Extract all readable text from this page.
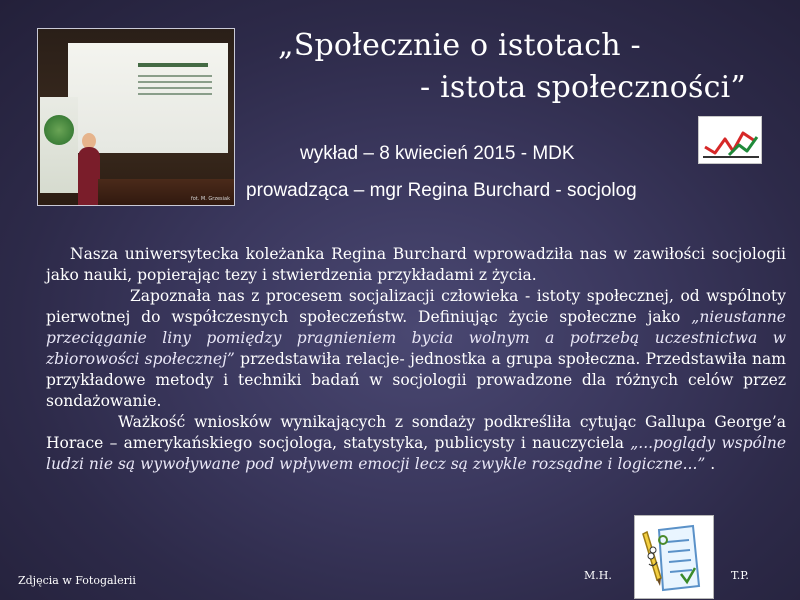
fot. M. Grzesiak
„Społecznie o istotach -
- istota społeczności”
wykład – 8 kwiecień 2015 - MDK
prowadząca – mgr Regina Burchard - socjolog

Nasza uniwersytecka koleżanka Regina Burchard wprowadziła nas w zawiłości socjologii jako nauki, popierając tezy i stwierdzenia przykładami z życia.

Zapoznała nas z procesem socjalizacji człowieka - istoty społecznej, od wspólnoty pierwotnej do współczesnych społeczeństw. Definiując życie społeczne jako „nieustanne przeciąganie liny pomiędzy pragnieniem bycia wolnym a potrzebą uczestnictwa w zbiorowości społecznej” przedstawiła relacje- jednostka a grupa społeczna. Przedstawiła nam przykładowe metody i techniki badań w socjologii prowadzone dla różnych celów przez sondażowanie.

Ważkość wniosków wynikających z sondaży podkreśliła cytując Gallupa George’a Horace – amerykańskiego socjologa, statystyka, publicysty i nauczyciela „...poglądy wspólne ludzi nie są wywoływane pod wpływem emocji lecz są zwykle rozsądne i logiczne...” .

Zdjęcia w Fotogalerii	M.H.	T.P.
